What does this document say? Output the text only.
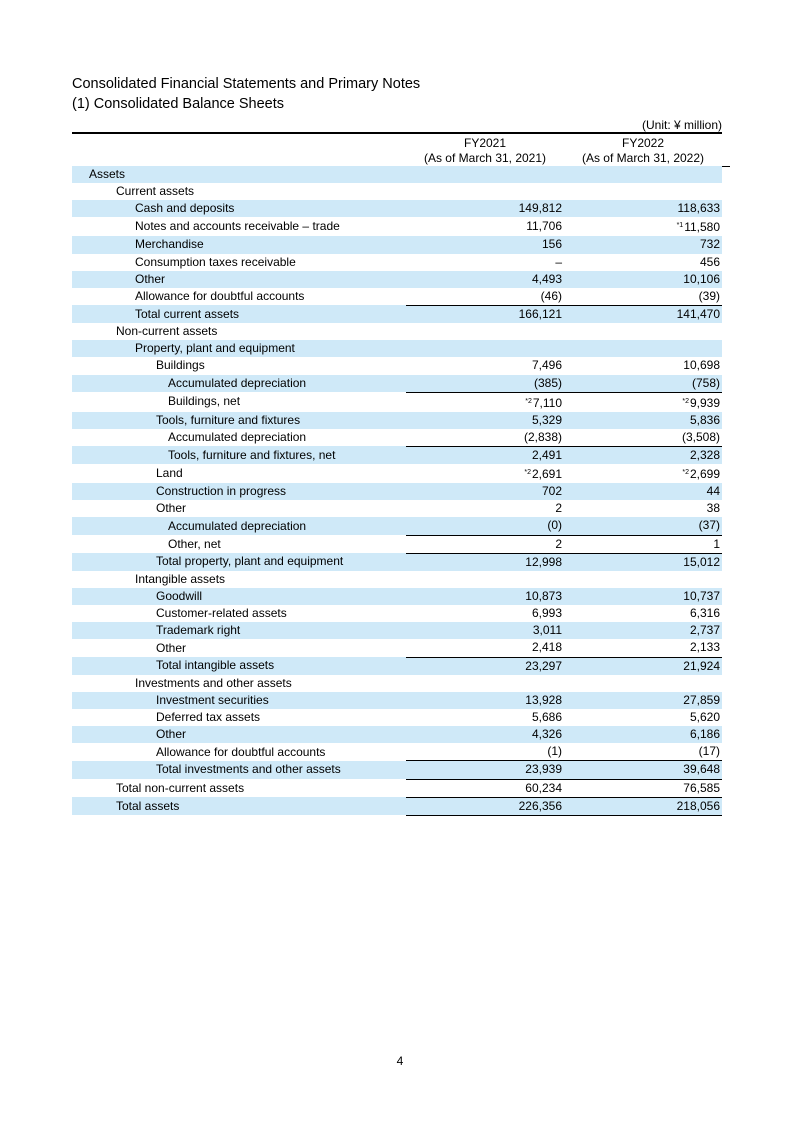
Consolidated Financial Statements and Primary Notes
(1) Consolidated Balance Sheets
(Unit: ¥ million)
FY2021
(As of March 31, 2021)
FY2022
(As of March 31, 2022)
Assets			
Current assets			
Cash and deposits	149,812	118,633	
Notes and accounts receivable – trade	11,706	$^{*1}$11,580	
Merchandise	156	732	
Consumption taxes receivable	–	456	
Other	4,493	10,106	
Allowance for doubtful accounts	(46)	(39)	
Total current assets	166,121	141,470	
Non-current assets			
Property, plant and equipment			
Buildings	7,496	10,698	
Accumulated depreciation	(385)	(758)	
Buildings, net	$^{*2}$7,110	$^{*2}$9,939	
Tools, furniture and fixtures	5,329	5,836	
Accumulated depreciation	(2,838)	(3,508)	
Tools, furniture and fixtures, net	2,491	2,328	
Land	$^{*2}$2,691	$^{*2}$2,699	
Construction in progress	702	44	
Other	2	38	
Accumulated depreciation	(0)	(37)	
Other, net	2	1	
Total property, plant and equipment	12,998	15,012	
Intangible assets			
Goodwill	10,873	10,737	
Customer-related assets	6,993	6,316	
Trademark right	3,011	2,737	
Other	2,418	2,133	
Total intangible assets	23,297	21,924	
Investments and other assets			
Investment securities	13,928	27,859	
Deferred tax assets	5,686	5,620	
Other	4,326	6,186	
Allowance for doubtful accounts	(1)	(17)	
Total investments and other assets	23,939	39,648	
Total non-current assets	60,234	76,585	
Total assets	226,356	218,056	
4
